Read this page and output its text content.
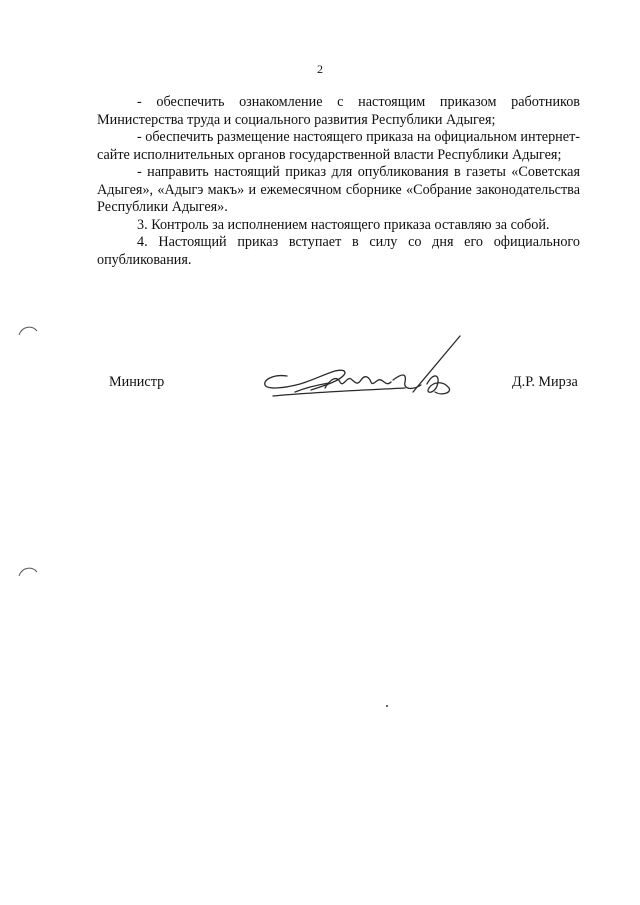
2

- обеспечить ознакомление с настоящим приказом работников Министерства труда и социального развития Республики Адыгея;

- обеспечить размещение настоящего приказа на официальном интернет-сайте исполнительных органов государственной власти Республики Адыгея;

- направить настоящий приказ для опубликования в газеты «Советская Адыгея», «Адыгэ макъ» и ежемесячном сборнике «Собрание законодательства Республики Адыгея».

3. Контроль за исполнением настоящего приказа оставляю за собой.

4. Настоящий приказ вступает в силу со дня его официального опубликования.

Министр	Д.Р. Мирза
